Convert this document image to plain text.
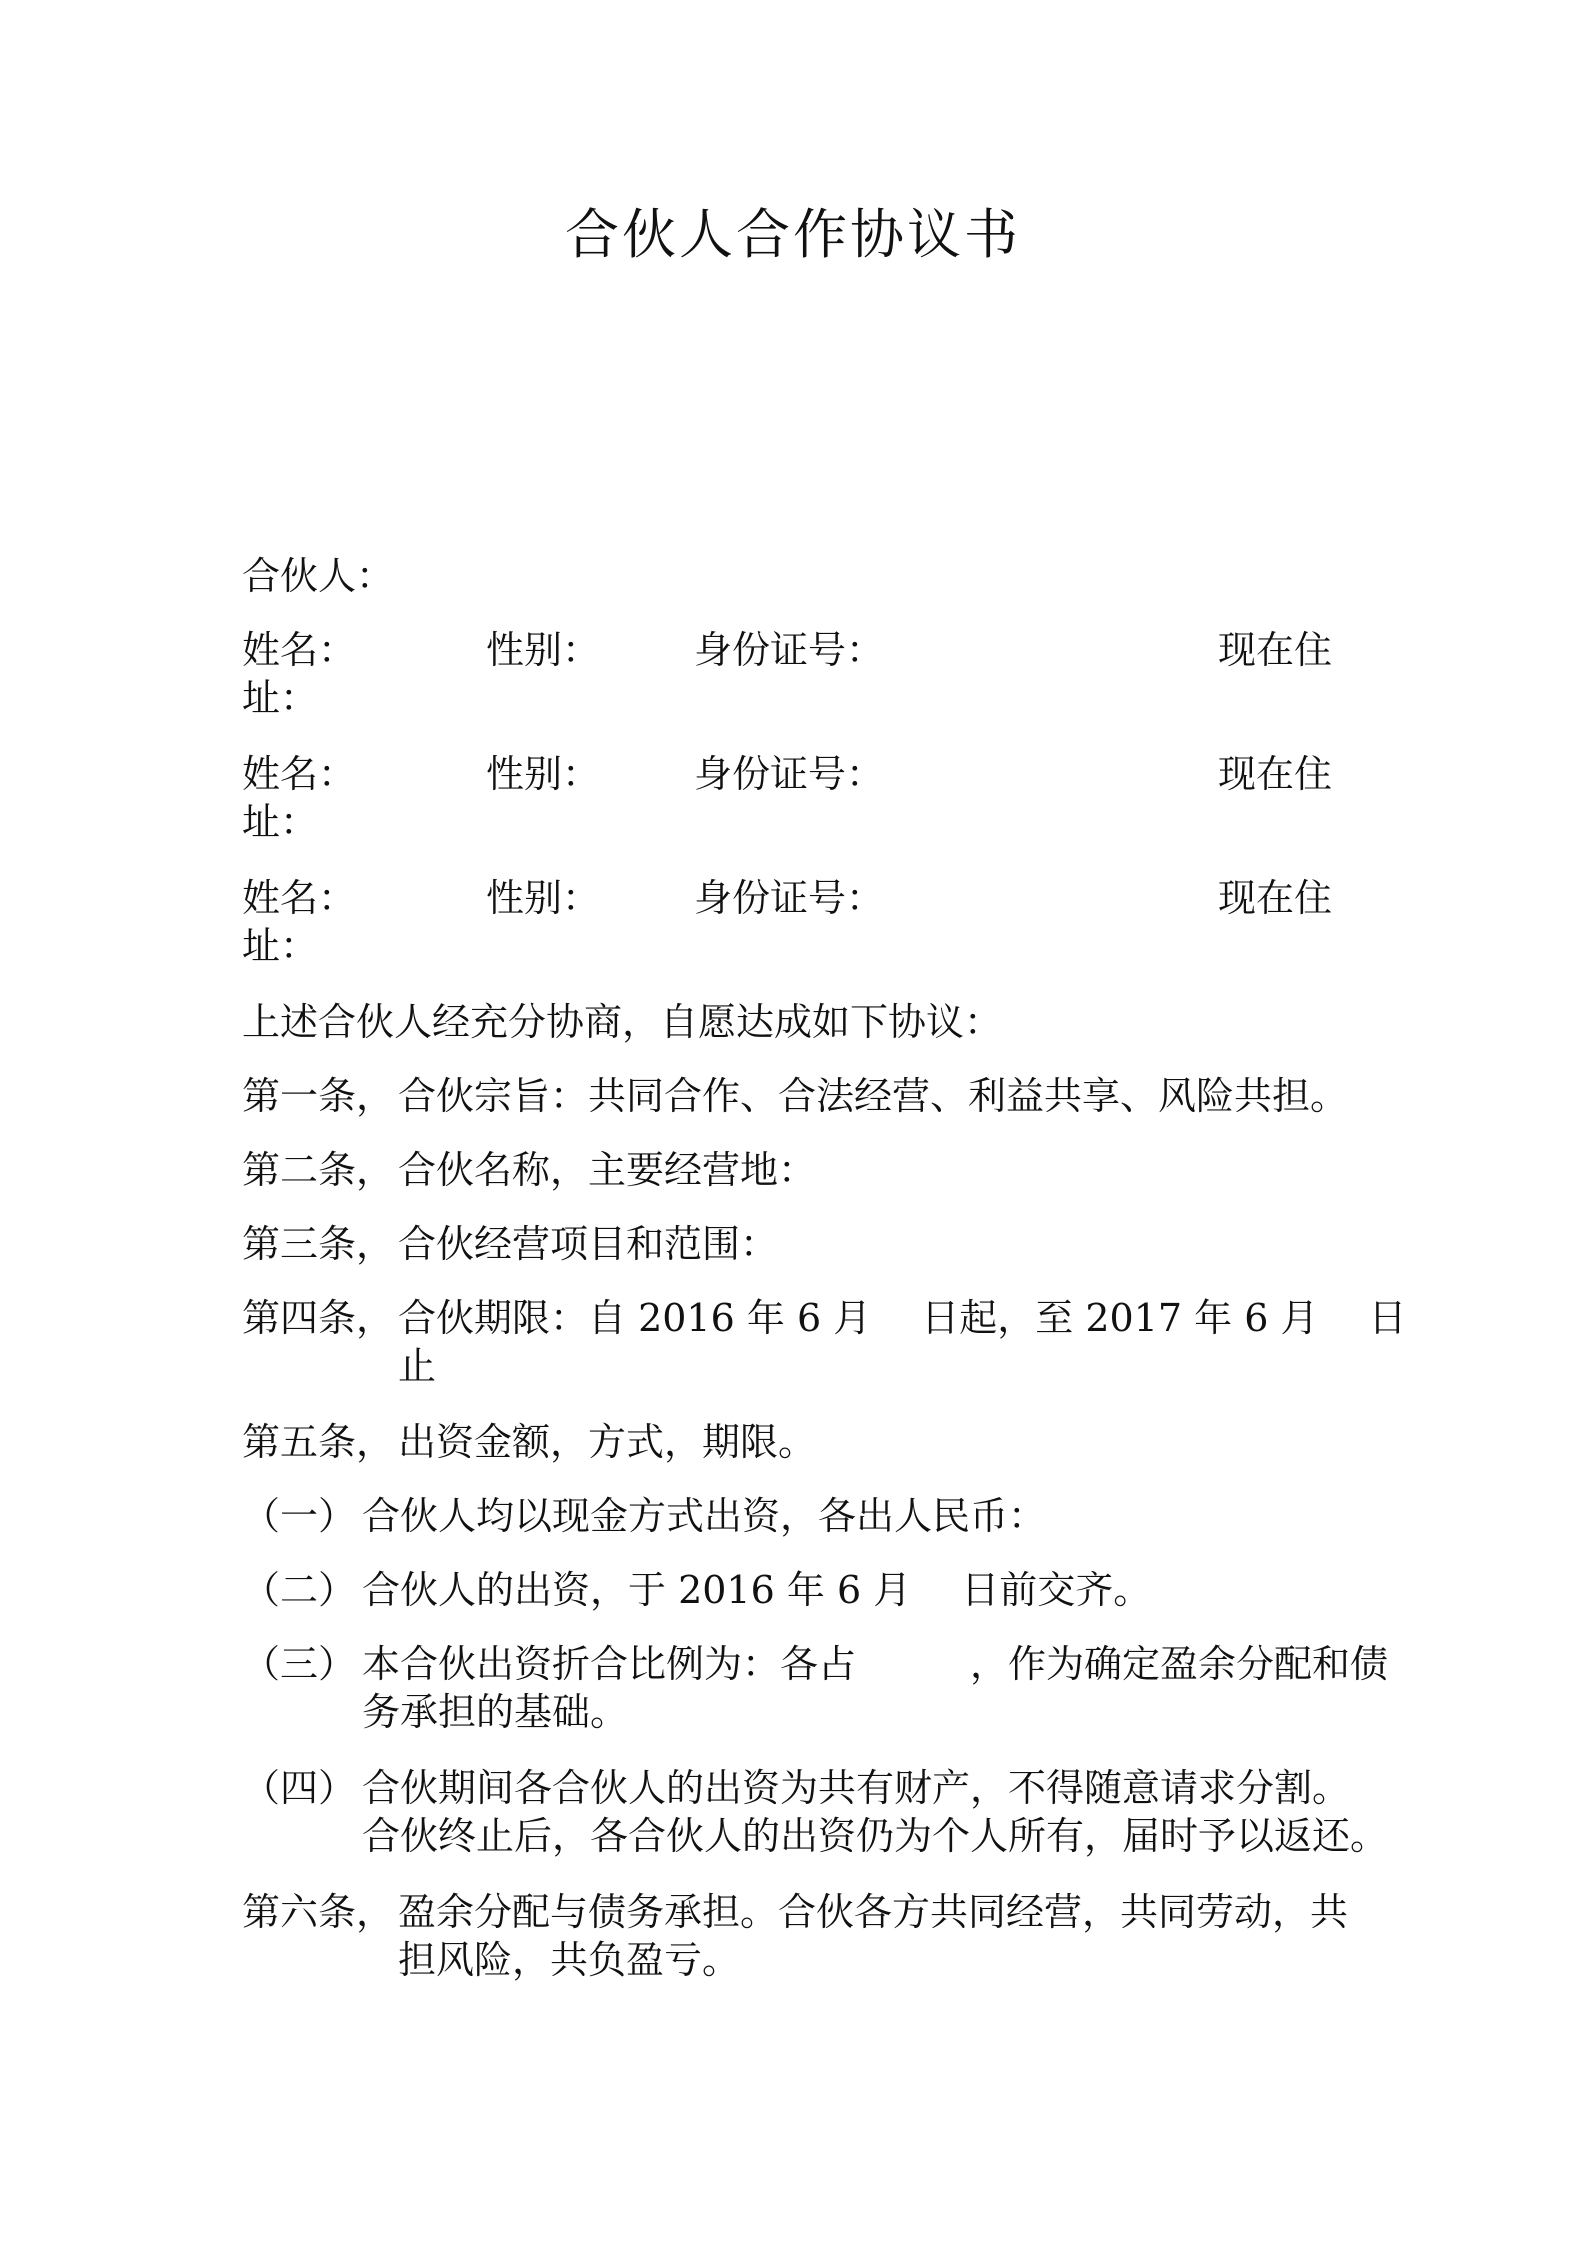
合伙人合作协议书
合伙人：
姓名：	性别： 身份证号：	现在住
址：
姓名：	性别： 身份证号：	现在住
址：
姓名：	性别： 身份证号：	现在住
址：
上述合伙人经充分协商，自愿达成如下协议：
第一条， 合伙宗旨：共同合作、合法经营、利益共享、风险共担。
第二条， 合伙名称，主要经营地：
第三条， 合伙经营项目和范围：
第四条， 合伙期限：自 2016 年 6 月　 日起，至 2017 年 6 月　 日
止
第五条， 出资金额，方式，期限。
（一） 合伙人均以现金方式出资，各出人民币：
（二） 合伙人的出资，于 2016 年 6 月　 日前交齐。
（三） 本合伙出资折合比例为：各占　　　，作为确定盈余分配和债
务承担的基础。
（四） 合伙期间各合伙人的出资为共有财产，不得随意请求分割。
合伙终止后，各合伙人的出资仍为个人所有，届时予以返还。
第六条， 盈余分配与债务承担。合伙各方共同经营，共同劳动，共
担风险，共负盈亏。
